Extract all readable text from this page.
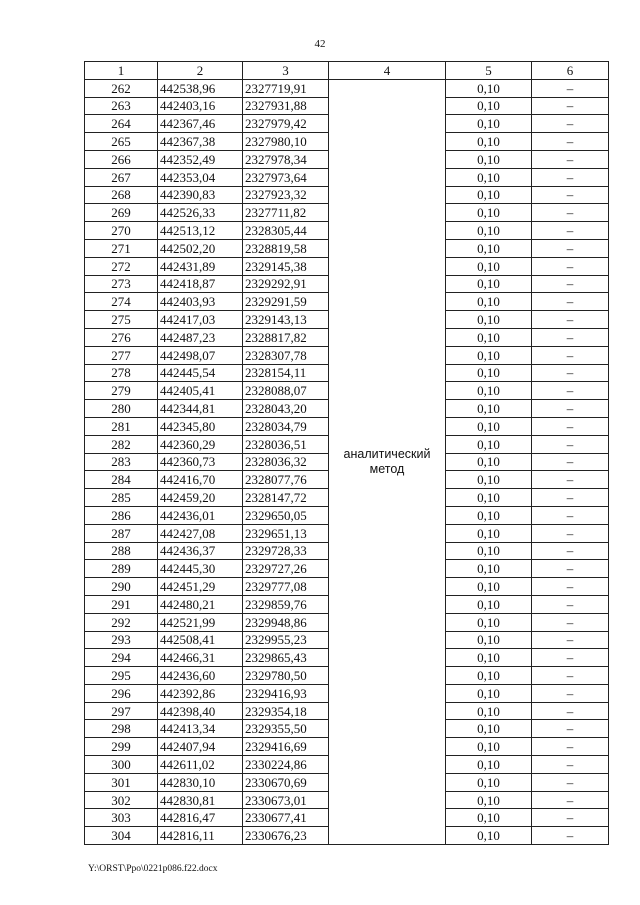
42
1	2	3	4	5	6
262	442538,96	2327719,91	аналитический метод	0,10	–
263	442403,16	2327931,88		0,10	–
264	442367,46	2327979,42		0,10	–
265	442367,38	2327980,10		0,10	–
266	442352,49	2327978,34		0,10	–
267	442353,04	2327973,64		0,10	–
268	442390,83	2327923,32		0,10	–
269	442526,33	2327711,82		0,10	–
270	442513,12	2328305,44		0,10	–
271	442502,20	2328819,58		0,10	–
272	442431,89	2329145,38		0,10	–
273	442418,87	2329292,91		0,10	–
274	442403,93	2329291,59		0,10	–
275	442417,03	2329143,13		0,10	–
276	442487,23	2328817,82		0,10	–
277	442498,07	2328307,78		0,10	–
278	442445,54	2328154,11		0,10	–
279	442405,41	2328088,07		0,10	–
280	442344,81	2328043,20		0,10	–
281	442345,80	2328034,79		0,10	–
282	442360,29	2328036,51		0,10	–
283	442360,73	2328036,32		0,10	–
284	442416,70	2328077,76		0,10	–
285	442459,20	2328147,72		0,10	–
286	442436,01	2329650,05		0,10	–
287	442427,08	2329651,13		0,10	–
288	442436,37	2329728,33		0,10	–
289	442445,30	2329727,26		0,10	–
290	442451,29	2329777,08		0,10	–
291	442480,21	2329859,76		0,10	–
292	442521,99	2329948,86		0,10	–
293	442508,41	2329955,23		0,10	–
294	442466,31	2329865,43		0,10	–
295	442436,60	2329780,50		0,10	–
296	442392,86	2329416,93		0,10	–
297	442398,40	2329354,18		0,10	–
298	442413,34	2329355,50		0,10	–
299	442407,94	2329416,69		0,10	–
300	442611,02	2330224,86		0,10	–
301	442830,10	2330670,69		0,10	–
302	442830,81	2330673,01		0,10	–
303	442816,47	2330677,41		0,10	–
304	442816,11	2330676,23		0,10	–
Y:\ORST\Ppo\0221p086.f22.docx
